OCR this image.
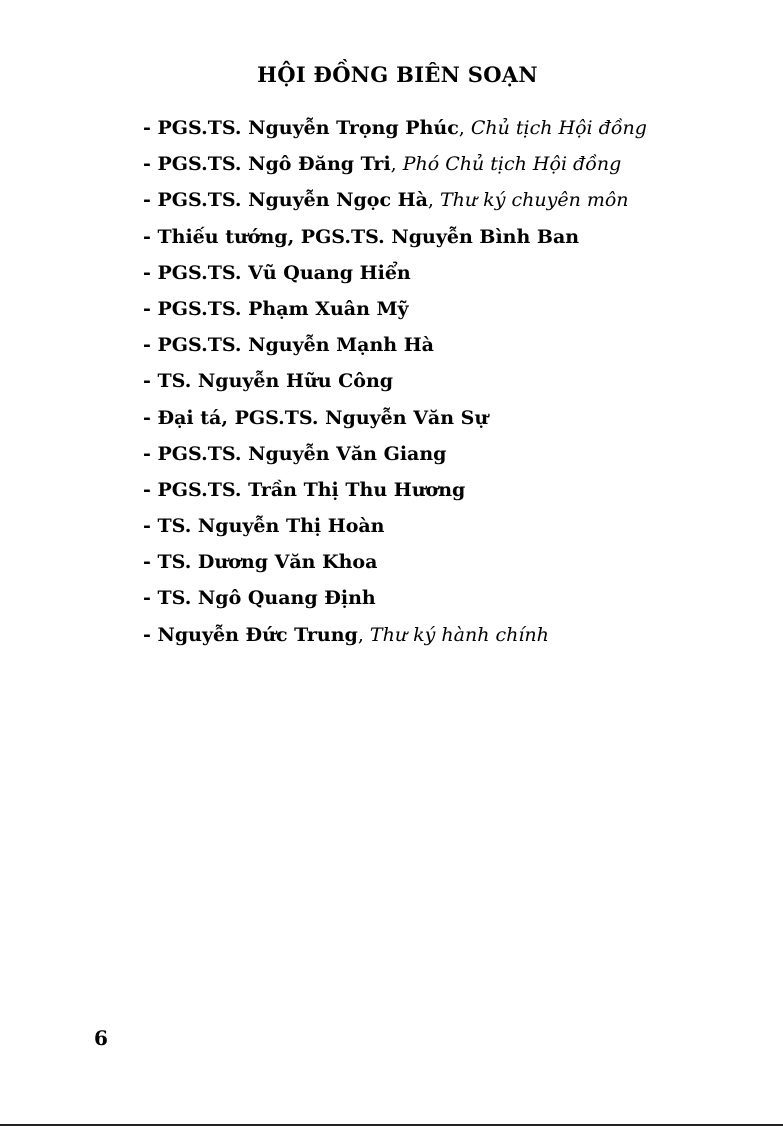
HỘI ĐỒNG BIÊN SOẠN
- PGS.TS. Nguyễn Trọng Phúc, Chủ tịch Hội đồng
- PGS.TS. Ngô Đăng Tri, Phó Chủ tịch Hội đồng
- PGS.TS. Nguyễn Ngọc Hà, Thư ký chuyên môn
- Thiếu tướng, PGS.TS. Nguyễn Bình Ban
- PGS.TS. Vũ Quang Hiển
- PGS.TS. Phạm Xuân Mỹ
- PGS.TS. Nguyễn Mạnh Hà
- TS. Nguyễn Hữu Công
- Đại tá, PGS.TS. Nguyễn Văn Sự
- PGS.TS. Nguyễn Văn Giang
- PGS.TS. Trần Thị Thu Hương
- TS. Nguyễn Thị Hoàn
- TS. Dương Văn Khoa
- TS. Ngô Quang Định
- Nguyễn Đức Trung, Thư ký hành chính
6
